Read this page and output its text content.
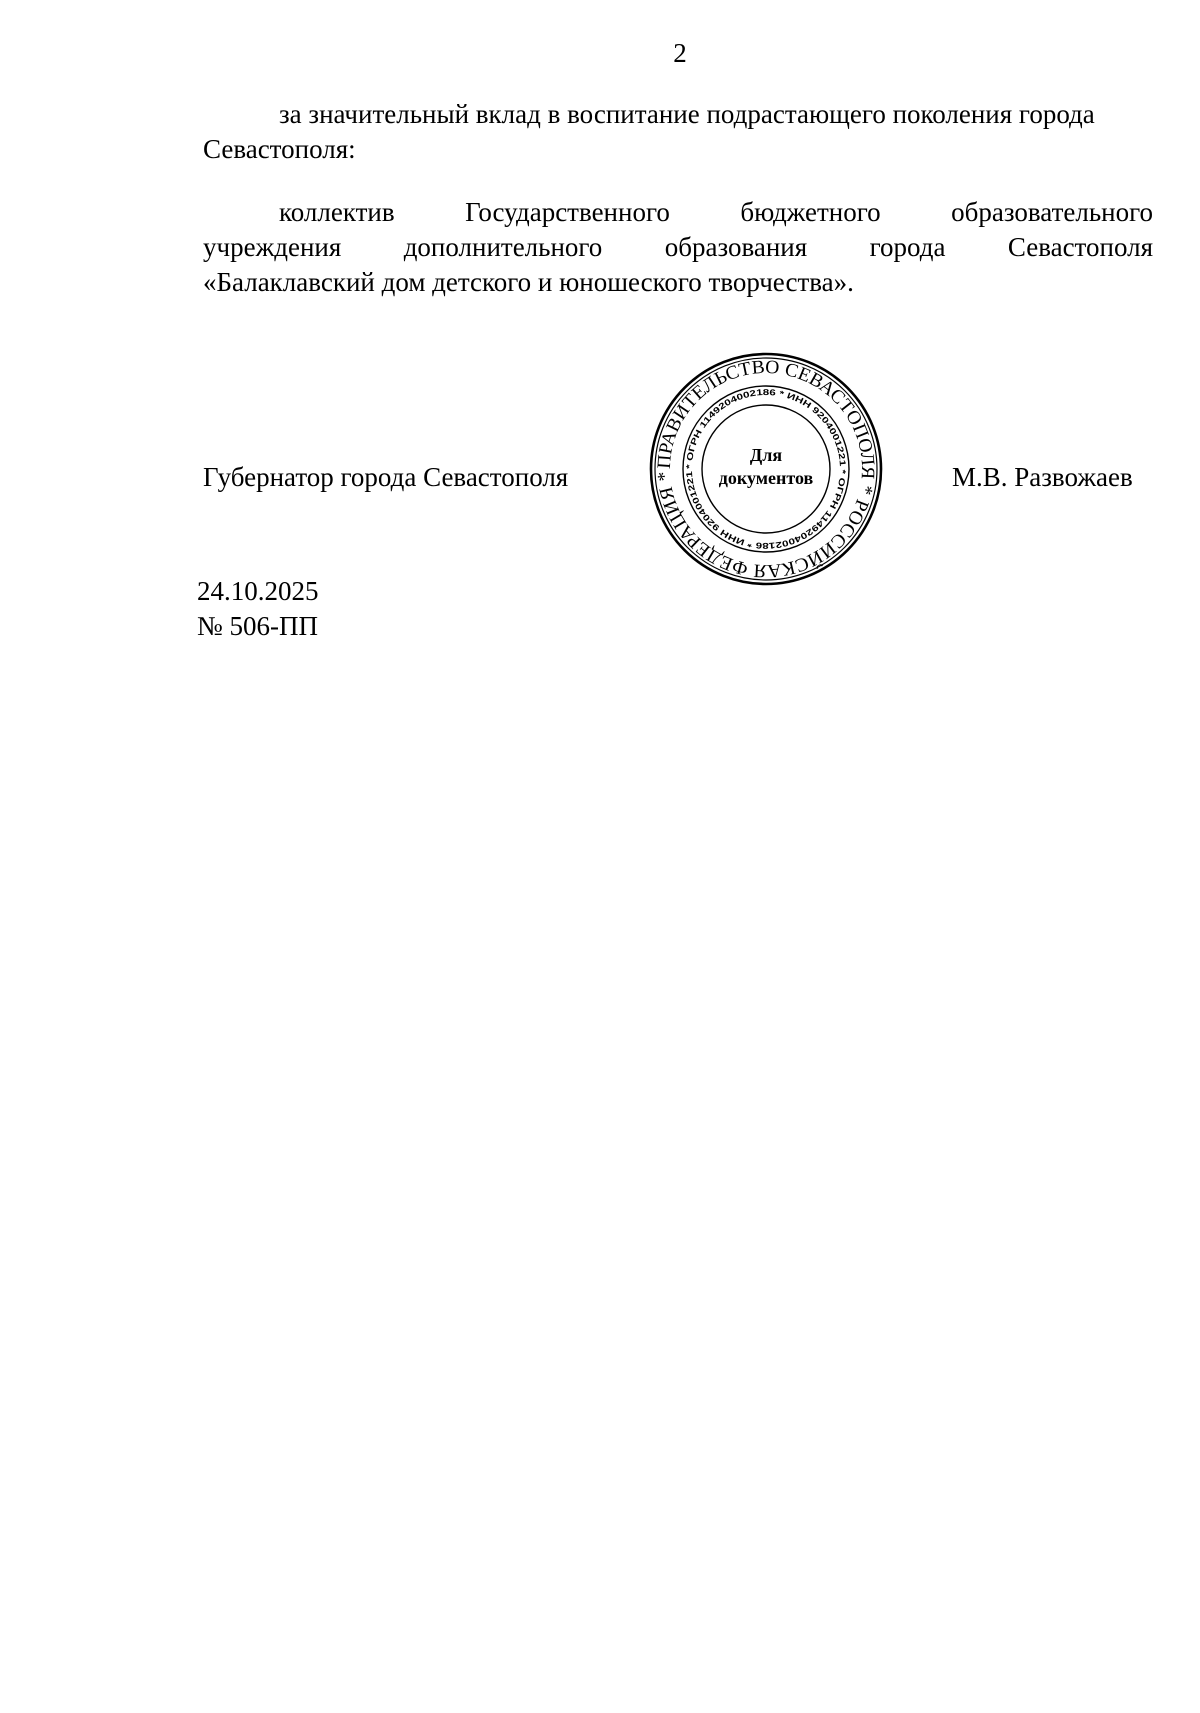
2
за значительный вклад в воспитание подрастающего поколения города
Севастополя:
коллектив	Государственного	бюджетного	образовательного
учреждения дополнительного образования города Севастополя
«Балаклавский дом детского и юношеского творчества».
Губернатор города Севастополя	М.В. Развожаев
ПРАВИТЕЛЬСТВО СЕВАСТОПОЛЯ * РОССИЙСКАЯ ФЕДЕРАЦИЯ *
* ОГРН 1149204002186 * ИНН 9204001221 * ОГРН 1149204002186 * ИНН 9204001221
Для
документов
24.10.2025
№ 506-ПП
